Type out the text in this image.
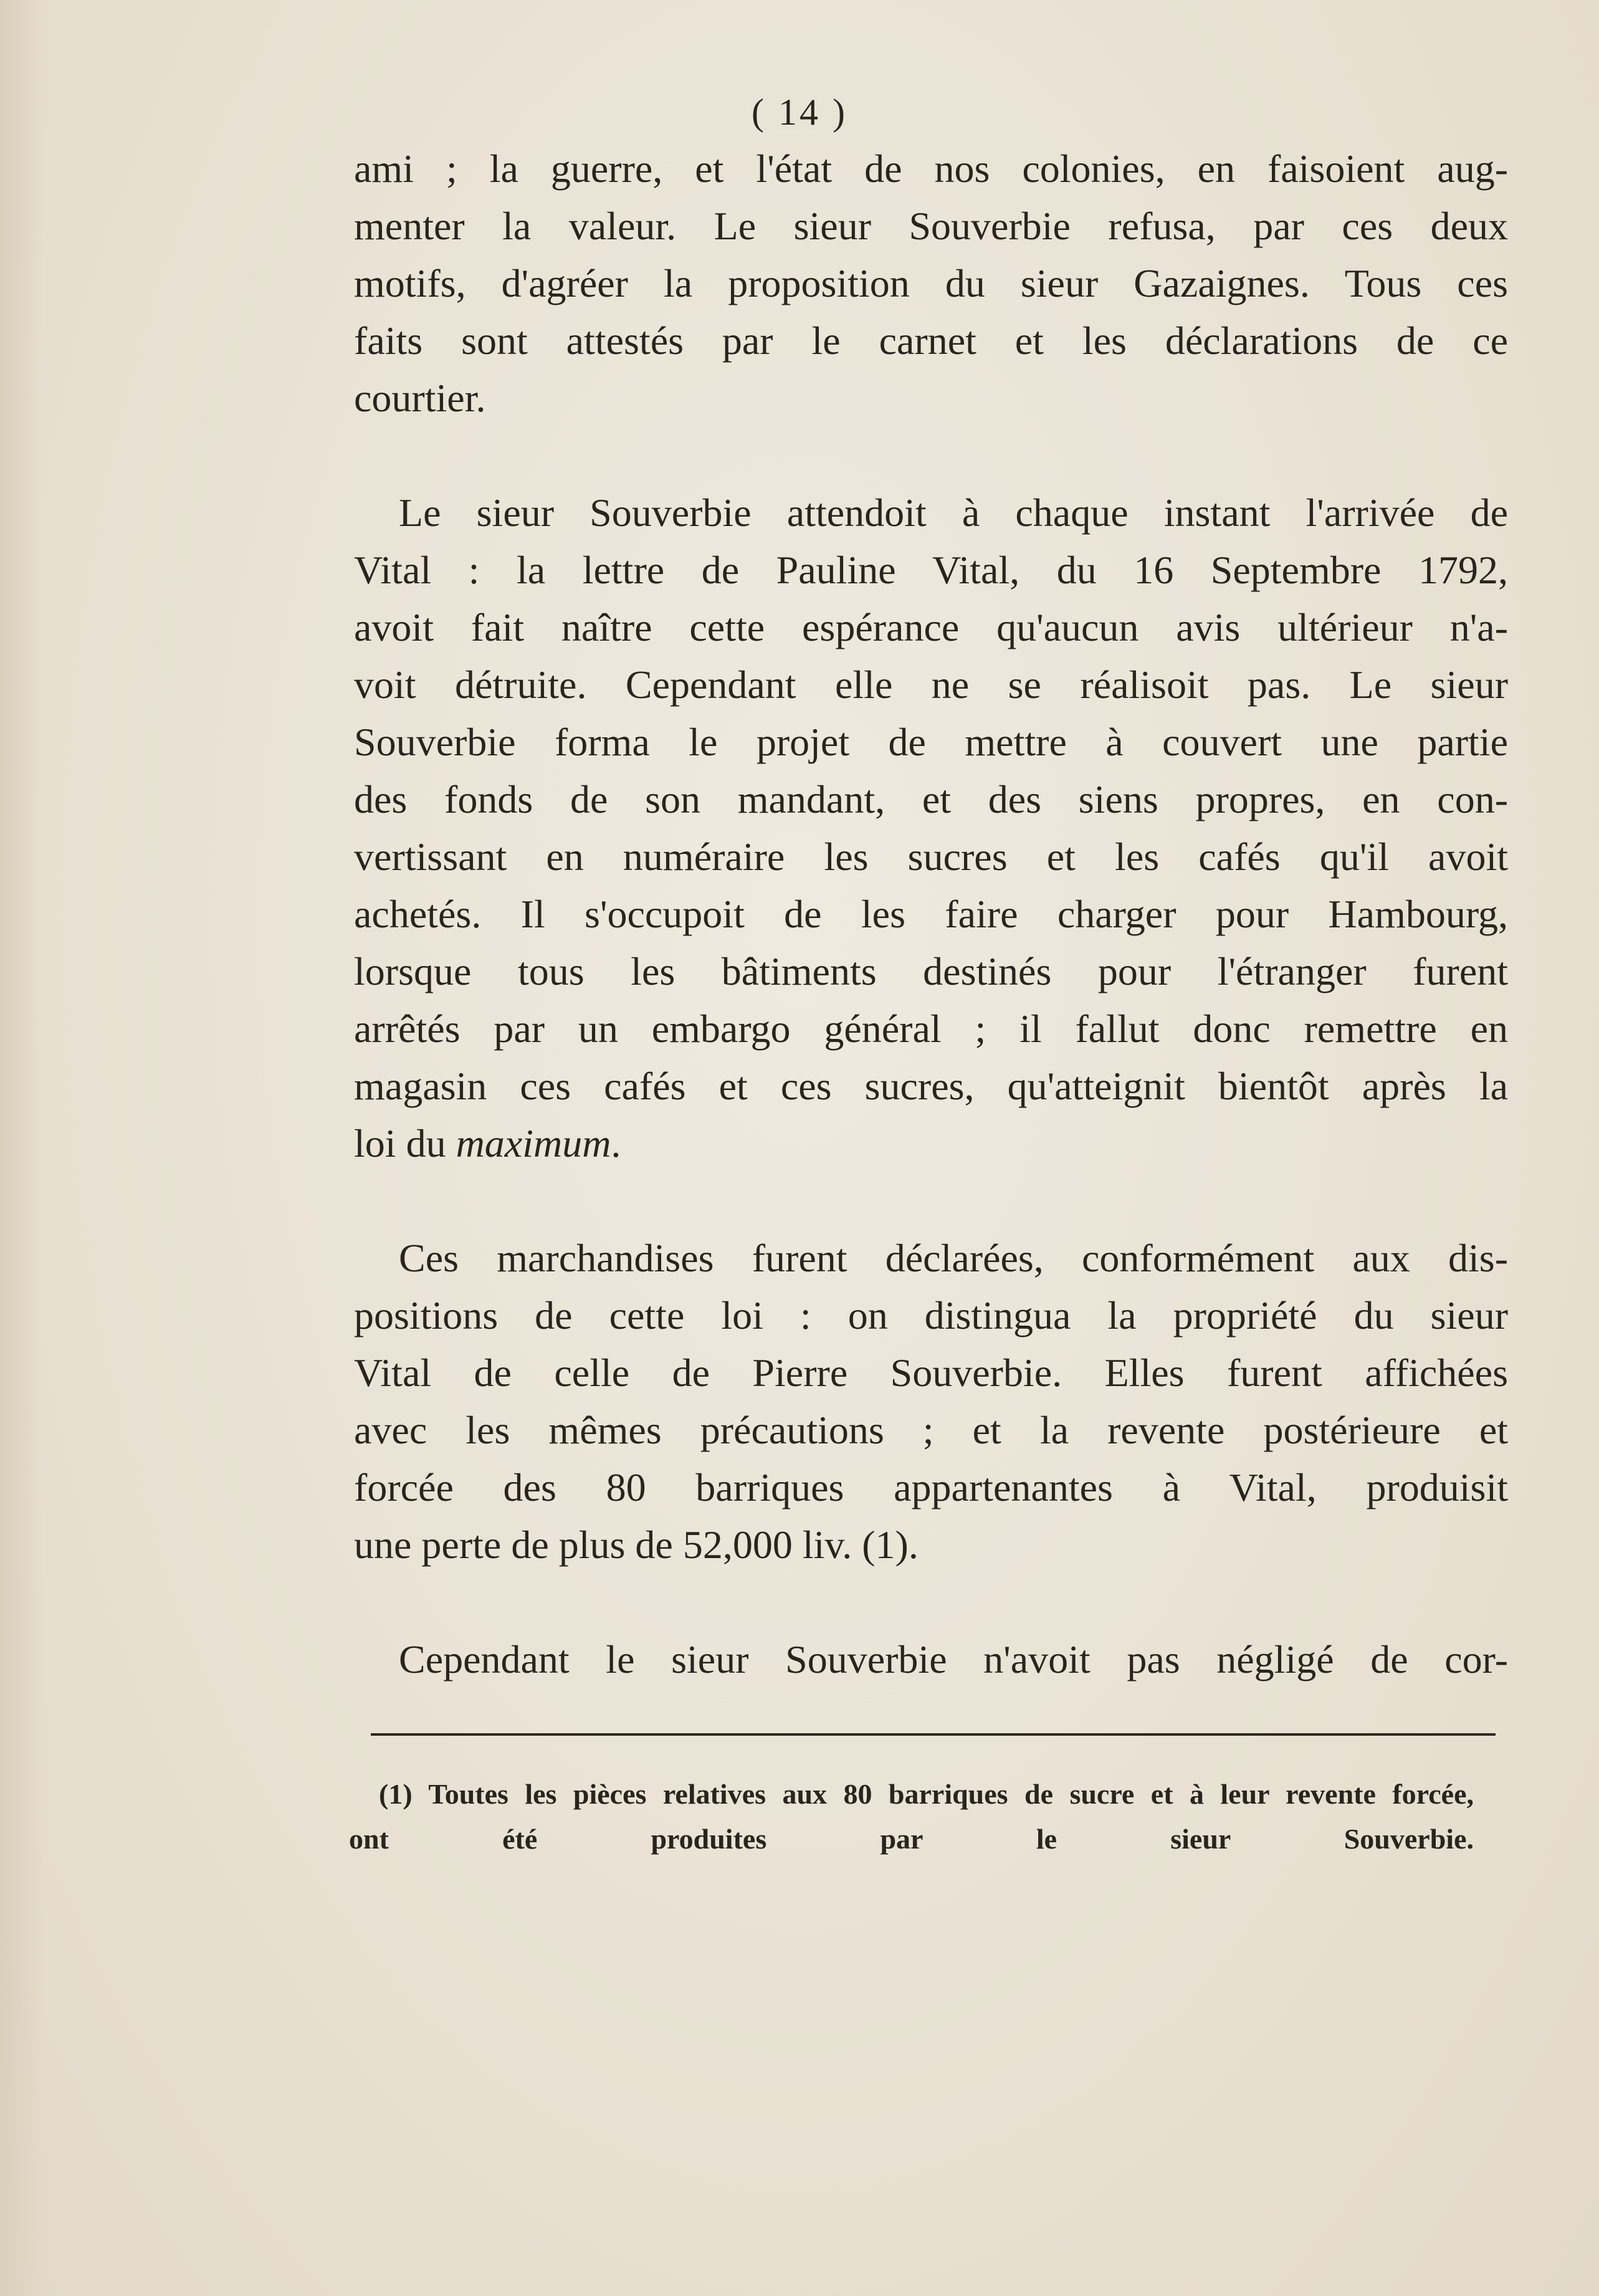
( 14 )

ami ; la guerre, et l'état de nos colonies, en faisoient aug-
menter la valeur. Le sieur Souverbie refusa, par ces deux
motifs, d'agréer la proposition du sieur Gazaignes. Tous ces
faits sont attestés par le carnet et les déclarations de ce
courtier.

Le sieur Souverbie attendoit à chaque instant l'arrivée de
Vital : la lettre de Pauline Vital, du 16 Septembre 1792,
avoit fait naître cette espérance qu'aucun avis ultérieur n'a-
voit détruite. Cependant elle ne se réalisoit pas. Le sieur
Souverbie forma le projet de mettre à couvert une partie
des fonds de son mandant, et des siens propres, en con-
vertissant en numéraire les sucres et les cafés qu'il avoit
achetés. Il s'occupoit de les faire charger pour Hambourg,
lorsque tous les bâtiments destinés pour l'étranger furent
arrêtés par un embargo général ; il fallut donc remettre en
magasin ces cafés et ces sucres, qu'atteignit bientôt après la
loi du maximum.

Ces marchandises furent déclarées, conformément aux dis-
positions de cette loi : on distingua la propriété du sieur
Vital de celle de Pierre Souverbie. Elles furent affichées
avec les mêmes précautions ; et la revente postérieure et
forcée des 80 barriques appartenantes à Vital, produisit
une perte de plus de 52,000 liv. (1).

Cependant le sieur Souverbie n'avoit pas négligé de cor-

(1) Toutes les pièces relatives aux 80 barriques de sucre et à leur revente forcée,
ont été produites par le sieur Souverbie.
